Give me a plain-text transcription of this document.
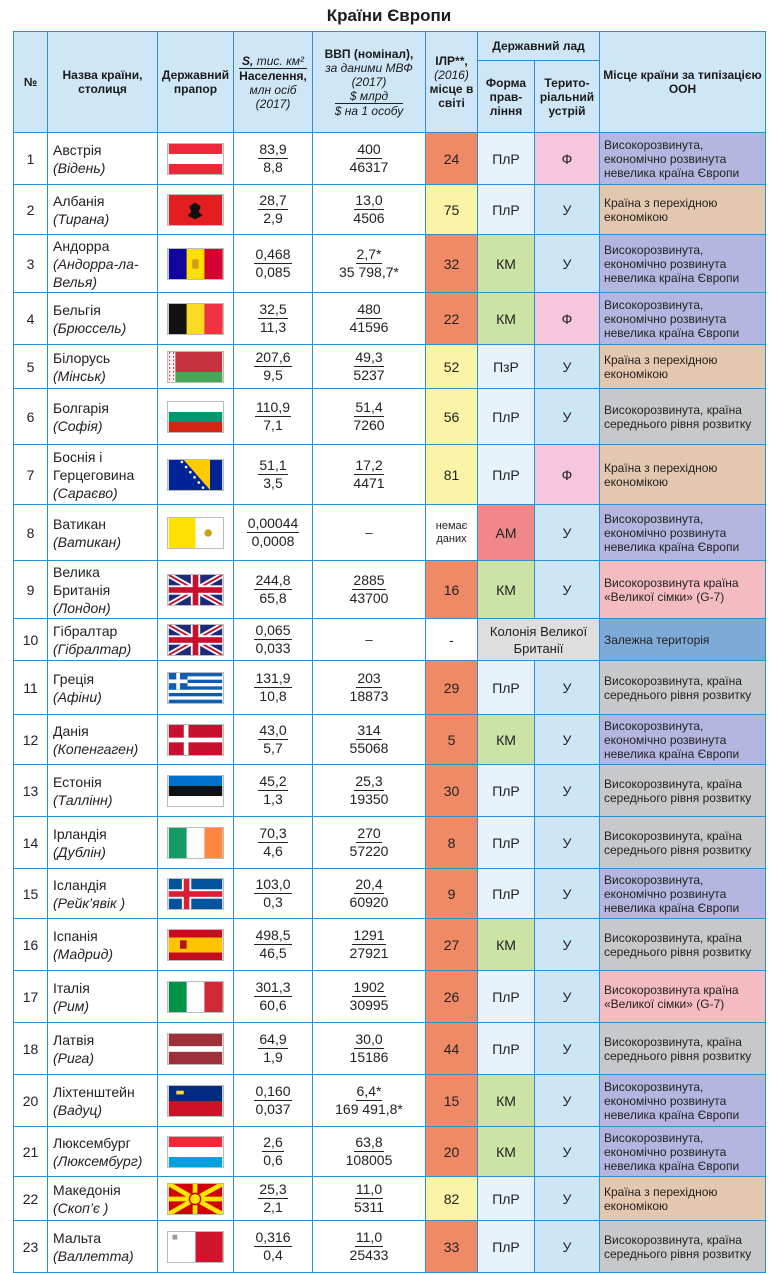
Країни Європи
№	Назва країни, столиця	Державний прапор	S, тис. км²
Населення,
млн осіб (2017)	ВВП (номінал),
за даними МВФ (2017)
$ млрд
$ на 1 особу	ІЛР**,
(2016)
місце в світі	Державний лад		Місце країни за типізацією ООН
						Форма правління	Територіальний устрій	
1	Австрія
(Відень)		83,9
8,8	400
46317	24	ПлР	Ф	Високорозвинута, економічно розвинута невелика країна Європи
2	Албанія
(Тирана)		28,7
2,9	13,0
4506	75	ПлР	У	Країна з перехідною економікою
3	Андорра
(Андорра-ла-Велья)		0,468
0,085	2,7*
35 798,7*	32	КМ	У	Високорозвинута, економічно розвинута невелика країна Європи
4	Бельгія
(Брюссель)		32,5
11,3	480
41596	22	КМ	Ф	Високорозвинута, економічно розвинута невелика країна Європи
5	Білорусь
(Мінськ)		207,6
9,5	49,3
5237	52	ПзР	У	Країна з перехідною економікою
6	Болгарія
(Софія)		110,9
7,1	51,4
7260	56	ПлР	У	Високорозвинута, країна середнього рівня розвитку
7	Боснія і Герцеговина
(Сараєво)		51,1
3,5	17,2
4471	81	ПлР	Ф	Країна з перехідною економікою
8	Ватикан
(Ватикан)		0,00044
0,0008	–	немає даних	АМ	У	Високорозвинута, економічно розвинута невелика країна Європи
9	Велика Британія
(Лондон)		244,8
65,8	2885
43700	16	КМ	У	Високорозвинута країна «Великої сімки» (G-7)
10	Гібралтар
(Гібралтар)		0,065
0,033	–	-	Колонія Великої Британії		Залежна територія
11	Греція
(Афіни)		131,9
10,8	203
18873	29	ПлР	У	Високорозвинута, країна середнього рівня розвитку
12	Данія
(Копенгаген)		43,0
5,7	314
55068	5	КМ	У	Високорозвинута, економічно розвинута невелика країна Європи
13	Естонія
(Таллінн)		45,2
1,3	25,3
19350	30	ПлР	У	Високорозвинута, країна середнього рівня розвитку
14	Ірландія
(Дублін)		70,3
4,6	270
57220	8	ПлР	У	Високорозвинута, країна середнього рівня розвитку
15	Ісландія
(Рейк’явік )		103,0
0,3	20,4
60920	9	ПлР	У	Високорозвинута, економічно розвинута невелика країна Європи
16	Іспанія
(Мадрид)		498,5
46,5	1291
27921	27	КМ	У	Високорозвинута, країна середнього рівня розвитку
17	Італія
(Рим)		301,3
60,6	1902
30995	26	ПлР	У	Високорозвинута країна «Великої сімки» (G-7)
18	Латвія
(Рига)		64,9
1,9	30,0
15186	44	ПлР	У	Високорозвинута, країна середнього рівня розвитку
20	Ліхтенштейн
(Вадуц)		0,160
0,037	6,4*
169 491,8*	15	КМ	У	Високорозвинута, економічно розвинута невелика країна Європи
21	Люксембург
(Люксембург)		2,6
0,6	63,8
108005	20	КМ	У	Високорозвинута, економічно розвинута невелика країна Європи
22	Македонія
(Скоп’є )		25,3
2,1	11,0
5311	82	ПлР	У	Країна з перехідною економікою
23	Мальта
(Валлетта)		0,316
0,4	11,0
25433	33	ПлР	У	Високорозвинута, країна середнього рівня розвитку
